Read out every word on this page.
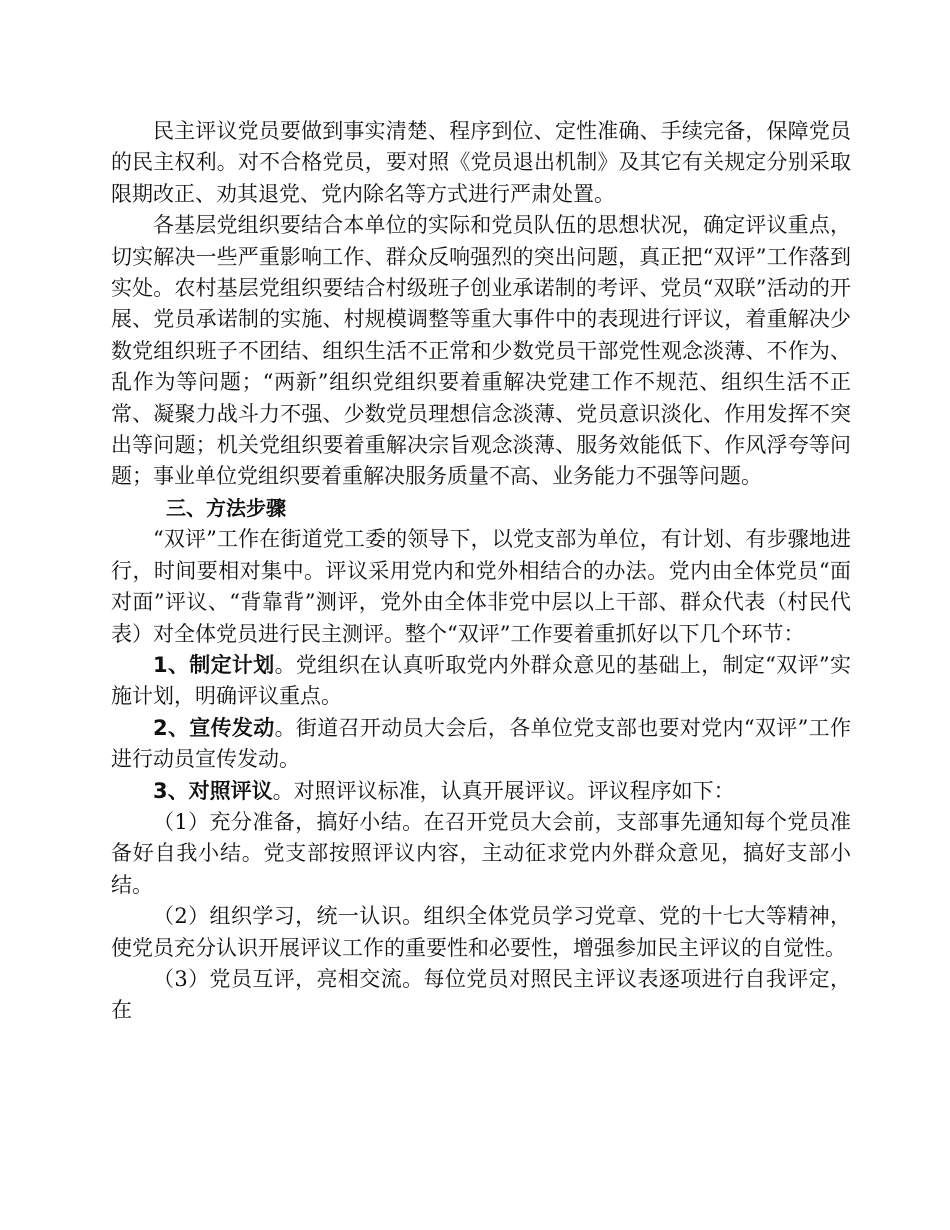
民主评议党员要做到事实清楚、程序到位、定性准确、手续完备，保障党员的民主权利。对不合格党员，要对照《党员退出机制》及其它有关规定分别采取限期改正、劝其退党、党内除名等方式进行严肃处置。

各基层党组织要结合本单位的实际和党员队伍的思想状况，确定评议重点，切实解决一些严重影响工作、群众反响强烈的突出问题，真正把“双评”工作落到实处。农村基层党组织要结合村级班子创业承诺制的考评、党员“双联”活动的开展、党员承诺制的实施、村规模调整等重大事件中的表现进行评议，着重解决少数党组织班子不团结、组织生活不正常和少数党员干部党性观念淡薄、不作为、乱作为等问题；“两新”组织党组织要着重解决党建工作不规范、组织生活不正常、凝聚力战斗力不强、少数党员理想信念淡薄、党员意识淡化、作用发挥不突出等问题；机关党组织要着重解决宗旨观念淡薄、服务效能低下、作风浮夸等问题；事业单位党组织要着重解决服务质量不高、业务能力不强等问题。

三、方法步骤

“双评”工作在街道党工委的领导下，以党支部为单位，有计划、有步骤地进行，时间要相对集中。评议采用党内和党外相结合的办法。党内由全体党员“面对面”评议、“背靠背”测评，党外由全体非党中层以上干部、群众代表（村民代表）对全体党员进行民主测评。整个“双评”工作要着重抓好以下几个环节：

1、制定计划。党组织在认真听取党内外群众意见的基础上，制定“双评”实施计划，明确评议重点。

2、宣传发动。街道召开动员大会后，各单位党支部也要对党内“双评”工作进行动员宣传发动。

3、对照评议。对照评议标准，认真开展评议。评议程序如下：

（1）充分准备，搞好小结。在召开党员大会前，支部事先通知每个党员准备好自我小结。党支部按照评议内容，主动征求党内外群众意见，搞好支部小结。

（2）组织学习，统一认识。组织全体党员学习党章、党的十七大等精神，使党员充分认识开展评议工作的重要性和必要性，增强参加民主评议的自觉性。

（3）党员互评，亮相交流。每位党员对照民主评议表逐项进行自我评定，在
